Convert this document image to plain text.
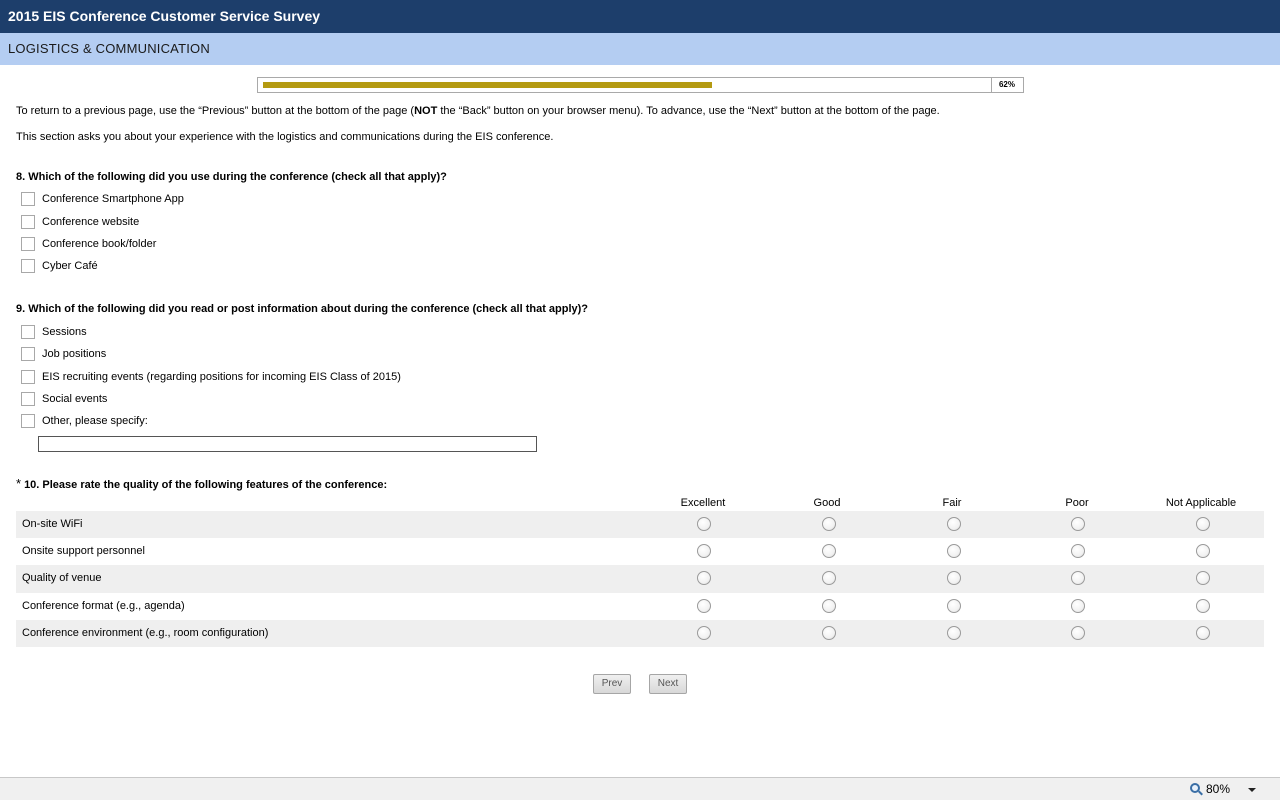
2015 EIS Conference Customer Service Survey
LOGISTICS & COMMUNICATION
62%

To return to a previous page, use the “Previous” button at the bottom of the page (NOT the “Back” button on your browser menu). To advance, use the “Next” button at the bottom of the page.

This section asks you about your experience with the logistics and communications during the EIS conference.

8. Which of the following did you use during the conference (check all that apply)?
Conference Smartphone App
Conference website
Conference book/folder
Cyber Café
9. Which of the following did you read or post information about during the conference (check all that apply)?
Sessions
Job positions
EIS recruiting events (regarding positions for incoming EIS Class of 2015)
Social events
Other, please specify:
* 10. Please rate the quality of the following features of the conference:
Excellent	Good	Fair	Poor	Not Applicable
On-site WiFi
Onsite support personnel
Quality of venue
Conference format (e.g., agenda)
Conference environment (e.g., room configuration)
Prev	Next
80%
